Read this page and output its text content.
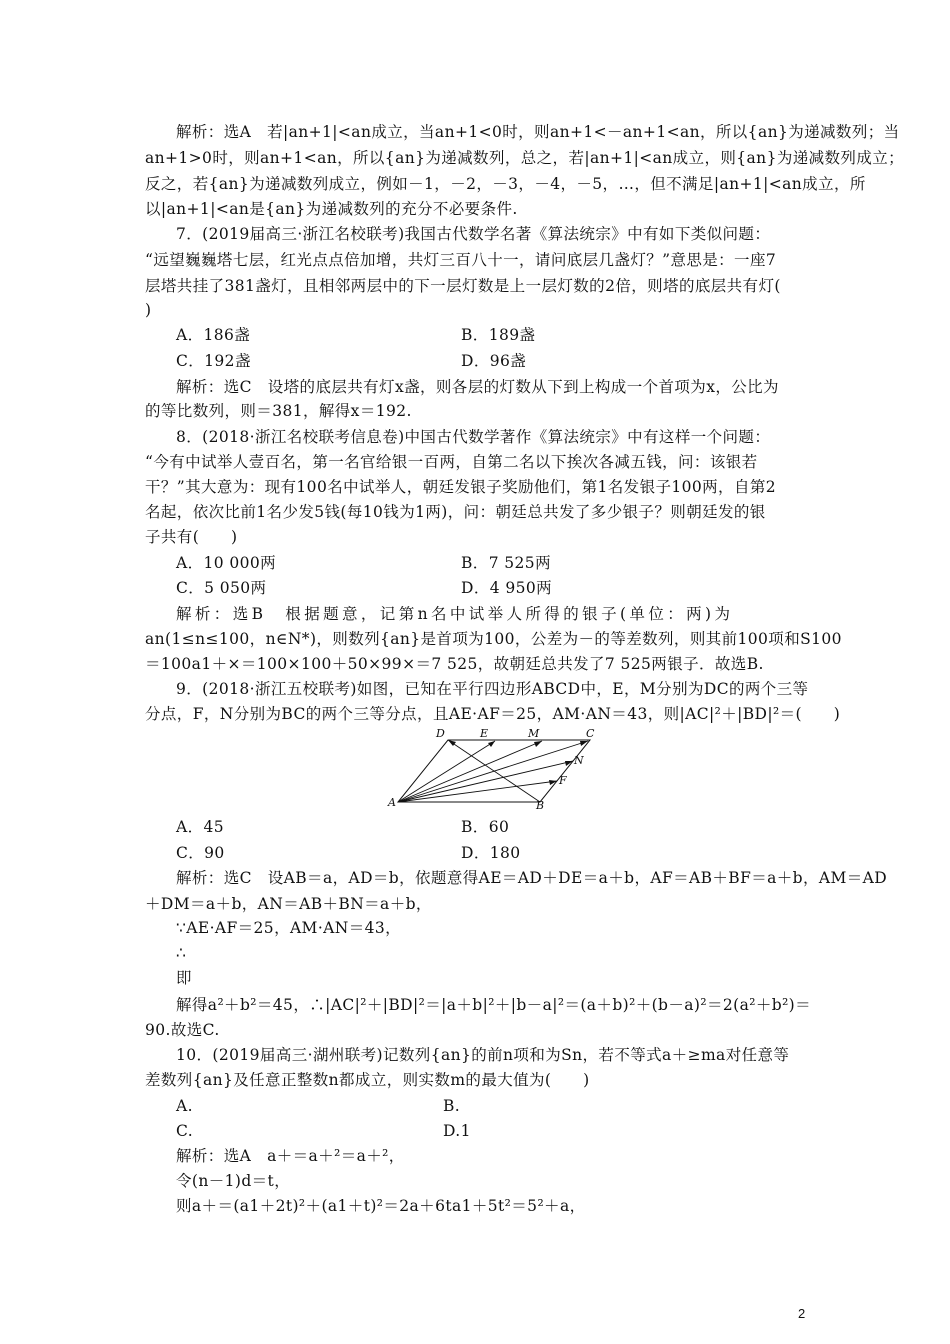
解析：选A　若|an+1|<an成立，当an+1<0时，则an+1<－an+1<an，所以{an}为递减数列；当
an+1>0时，则an+1<an，所以{an}为递减数列，总之，若|an+1|<an成立，则{an}为递减数列成立；
反之，若{an}为递减数列成立，例如－1，－2，－3，－4，－5，…，但不满足|an+1|<an成立，所
以|an+1|<an是{an}为递减数列的充分不必要条件.
7．(2019届高三·浙江名校联考)我国古代数学名著《算法统宗》中有如下类似问题：
“远望巍巍塔七层，红光点点倍加增，共灯三百八十一，请问底层几盏灯？”意思是：一座7
层塔共挂了381盏灯，且相邻两层中的下一层灯数是上一层灯数的2倍，则塔的底层共有灯(
)
A．186盏	B．189盏
C．192盏	D．96盏
解析：选C　设塔的底层共有灯x盏，则各层的灯数从下到上构成一个首项为x，公比为
的等比数列，则＝381，解得x＝192.
8．(2018·浙江名校联考信息卷)中国古代数学著作《算法统宗》中有这样一个问题：
“今有中试举人壹百名，第一名官给银一百两，自第二名以下挨次各减五钱，问：该银若
干？”其大意为：现有100名中试举人，朝廷发银子奖励他们，第1名发银子100两，自第2
名起，依次比前1名少发5钱(每10钱为1两)，问：朝廷总共发了多少银子？则朝廷发的银
子共有(　　)
A．10 000两	B．7 525两
C．5 050两	D．4 950两
解析：选B　根据题意，记第n名中试举人所得的银子(单位：两)为
an(1≤n≤100，n∈N*)，则数列{an}是首项为100，公差为－的等差数列，则其前100项和S100
＝100a1＋×＝100×100＋50×99×＝7 525，故朝廷总共发了7 525两银子．故选B.
9．(2018·浙江五校联考)如图，已知在平行四边形ABCD中，E，M分别为DC的两个三等
分点，F，N分别为BC的两个三等分点，且AE·AF＝25，AM·AN＝43，则|AC|²＋|BD|²＝(　　)
D	E	M	C
N
F
A	B
A．45	B．60
C．90	D．180
解析：选C　设AB＝a，AD＝b，依题意得AE＝AD＋DE＝a＋b，AF＝AB＋BF＝a＋b，AM＝AD
＋DM＝a＋b，AN＝AB＋BN＝a＋b，
∵AE·AF＝25，AM·AN＝43，
∴
即
解得a²＋b²＝45，∴|AC|²＋|BD|²＝|a＋b|²＋|b－a|²＝(a＋b)²＋(b－a)²＝2(a²＋b²)＝
90.故选C.
10．(2019届高三·湖州联考)记数列{an}的前n项和为Sn，若不等式a＋≥ma对任意等
差数列{an}及任意正整数n都成立，则实数m的最大值为(　　)
A.	B.
C.	D.1
解析：选A　a＋＝a＋²＝a＋²，
令(n－1)d＝t，
则a＋＝(a1＋2t)²＋(a1＋t)²＝2a＋6ta1＋5t²＝5²＋a，
2
